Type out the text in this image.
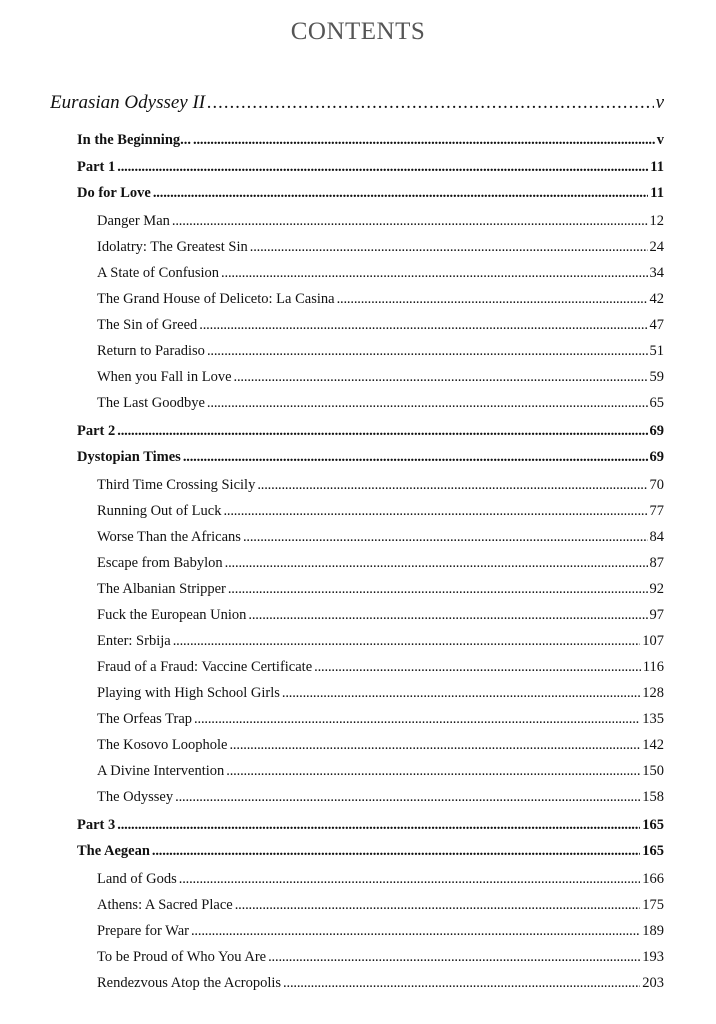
CONTENTS
Eurasian Odyssey II . . .	v
In the Beginning... . . .	v
Part 1 . . .	11
Do for Love . . .	11
Danger Man . . .	12
Idolatry: The Greatest Sin . . .	24
A State of Confusion . . .	34
The Grand House of Deliceto: La Casina . . .	42
The Sin of Greed . . .	47
Return to Paradiso . . .	51
When you Fall in Love . . .	59
The Last Goodbye . . .	65
Part 2 . . .	69
Dystopian Times . . .	69
Third Time Crossing Sicily . . .	70
Running Out of Luck . . .	77
Worse Than the Africans . . .	84
Escape from Babylon . . .	87
The Albanian Stripper . . .	92
Fuck the European Union . . .	97
Enter: Srbija . . .	107
Fraud of a Fraud: Vaccine Certificate . . .	116
Playing with High School Girls . . .	128
The Orfeas Trap . . .	135
The Kosovo Loophole . . .	142
A Divine Intervention . . .	150
The Odyssey . . .	158
Part 3 . . .	165
The Aegean . . .	165
Land of Gods . . .	166
Athens: A Sacred Place . . .	175
Prepare for War . . .	189
To be Proud of Who You Are . . .	193
Rendezvous Atop the Acropolis . . .	203
